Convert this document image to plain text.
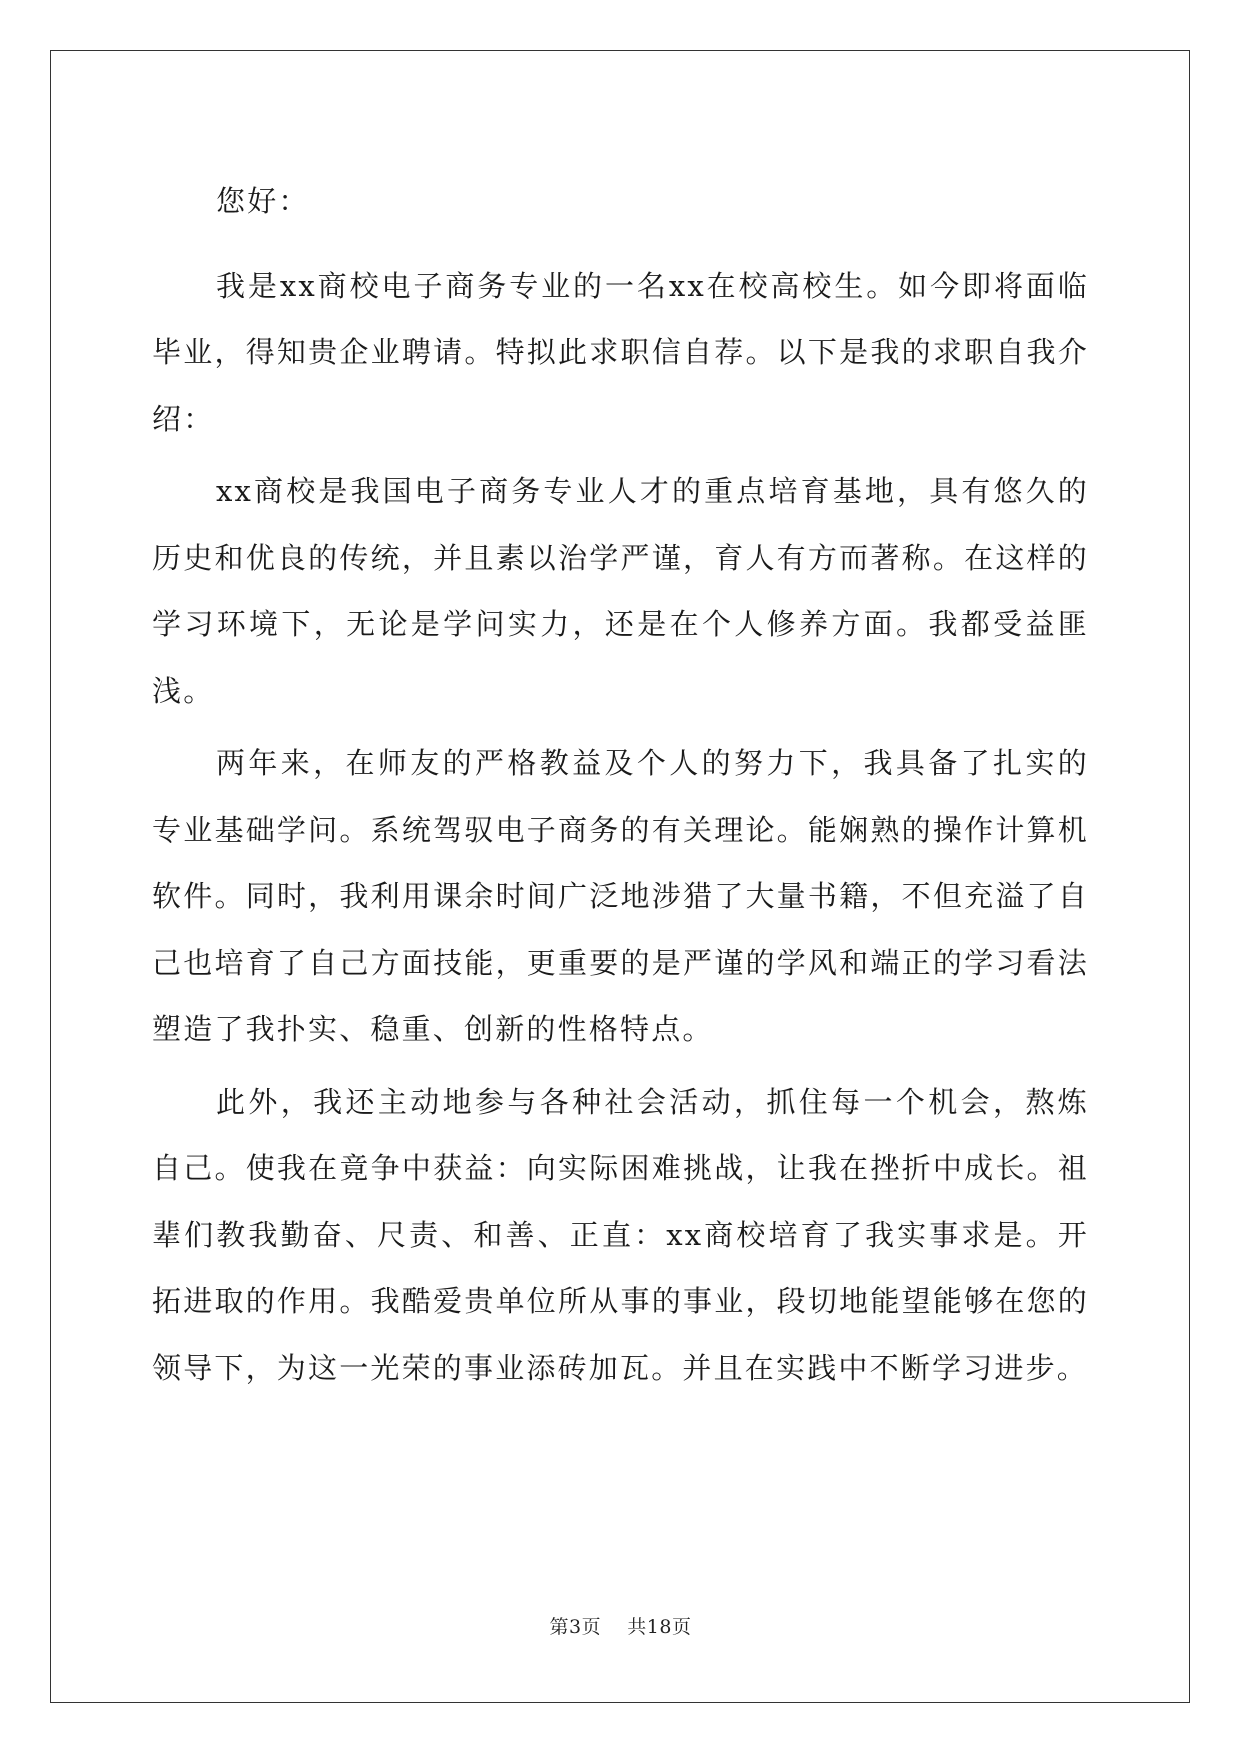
您好：

我是xx商校电子商务专业的一名xx在校高校生。如今即将面临毕业，得知贵企业聘请。特拟此求职信自荐。以下是我的求职自我介绍：

xx商校是我国电子商务专业人才的重点培育基地，具有悠久的历史和优良的传统，并且素以治学严谨，育人有方而著称。在这样的学习环境下，无论是学问实力，还是在个人修养方面。我都受益匪浅。

两年来，在师友的严格教益及个人的努力下，我具备了扎实的专业基础学问。系统驾驭电子商务的有关理论。能娴熟的操作计算机软件。同时，我利用课余时间广泛地涉猎了大量书籍，不但充溢了自己也培育了自己方面技能，更重要的是严谨的学风和端正的学习看法塑造了我扑实、稳重、创新的性格特点。

此外，我还主动地参与各种社会活动，抓住每一个机会，熬炼自己。使我在竟争中获益：向实际困难挑战，让我在挫折中成长。祖辈们教我勤奋、尺责、和善、正直：xx商校培育了我实事求是。开拓进取的作用。我酷爱贵单位所从事的事业，段切地能望能够在您的领导下，为这一光荣的事业添砖加瓦。并且在实践中不断学习进步。

第3页 共18页
